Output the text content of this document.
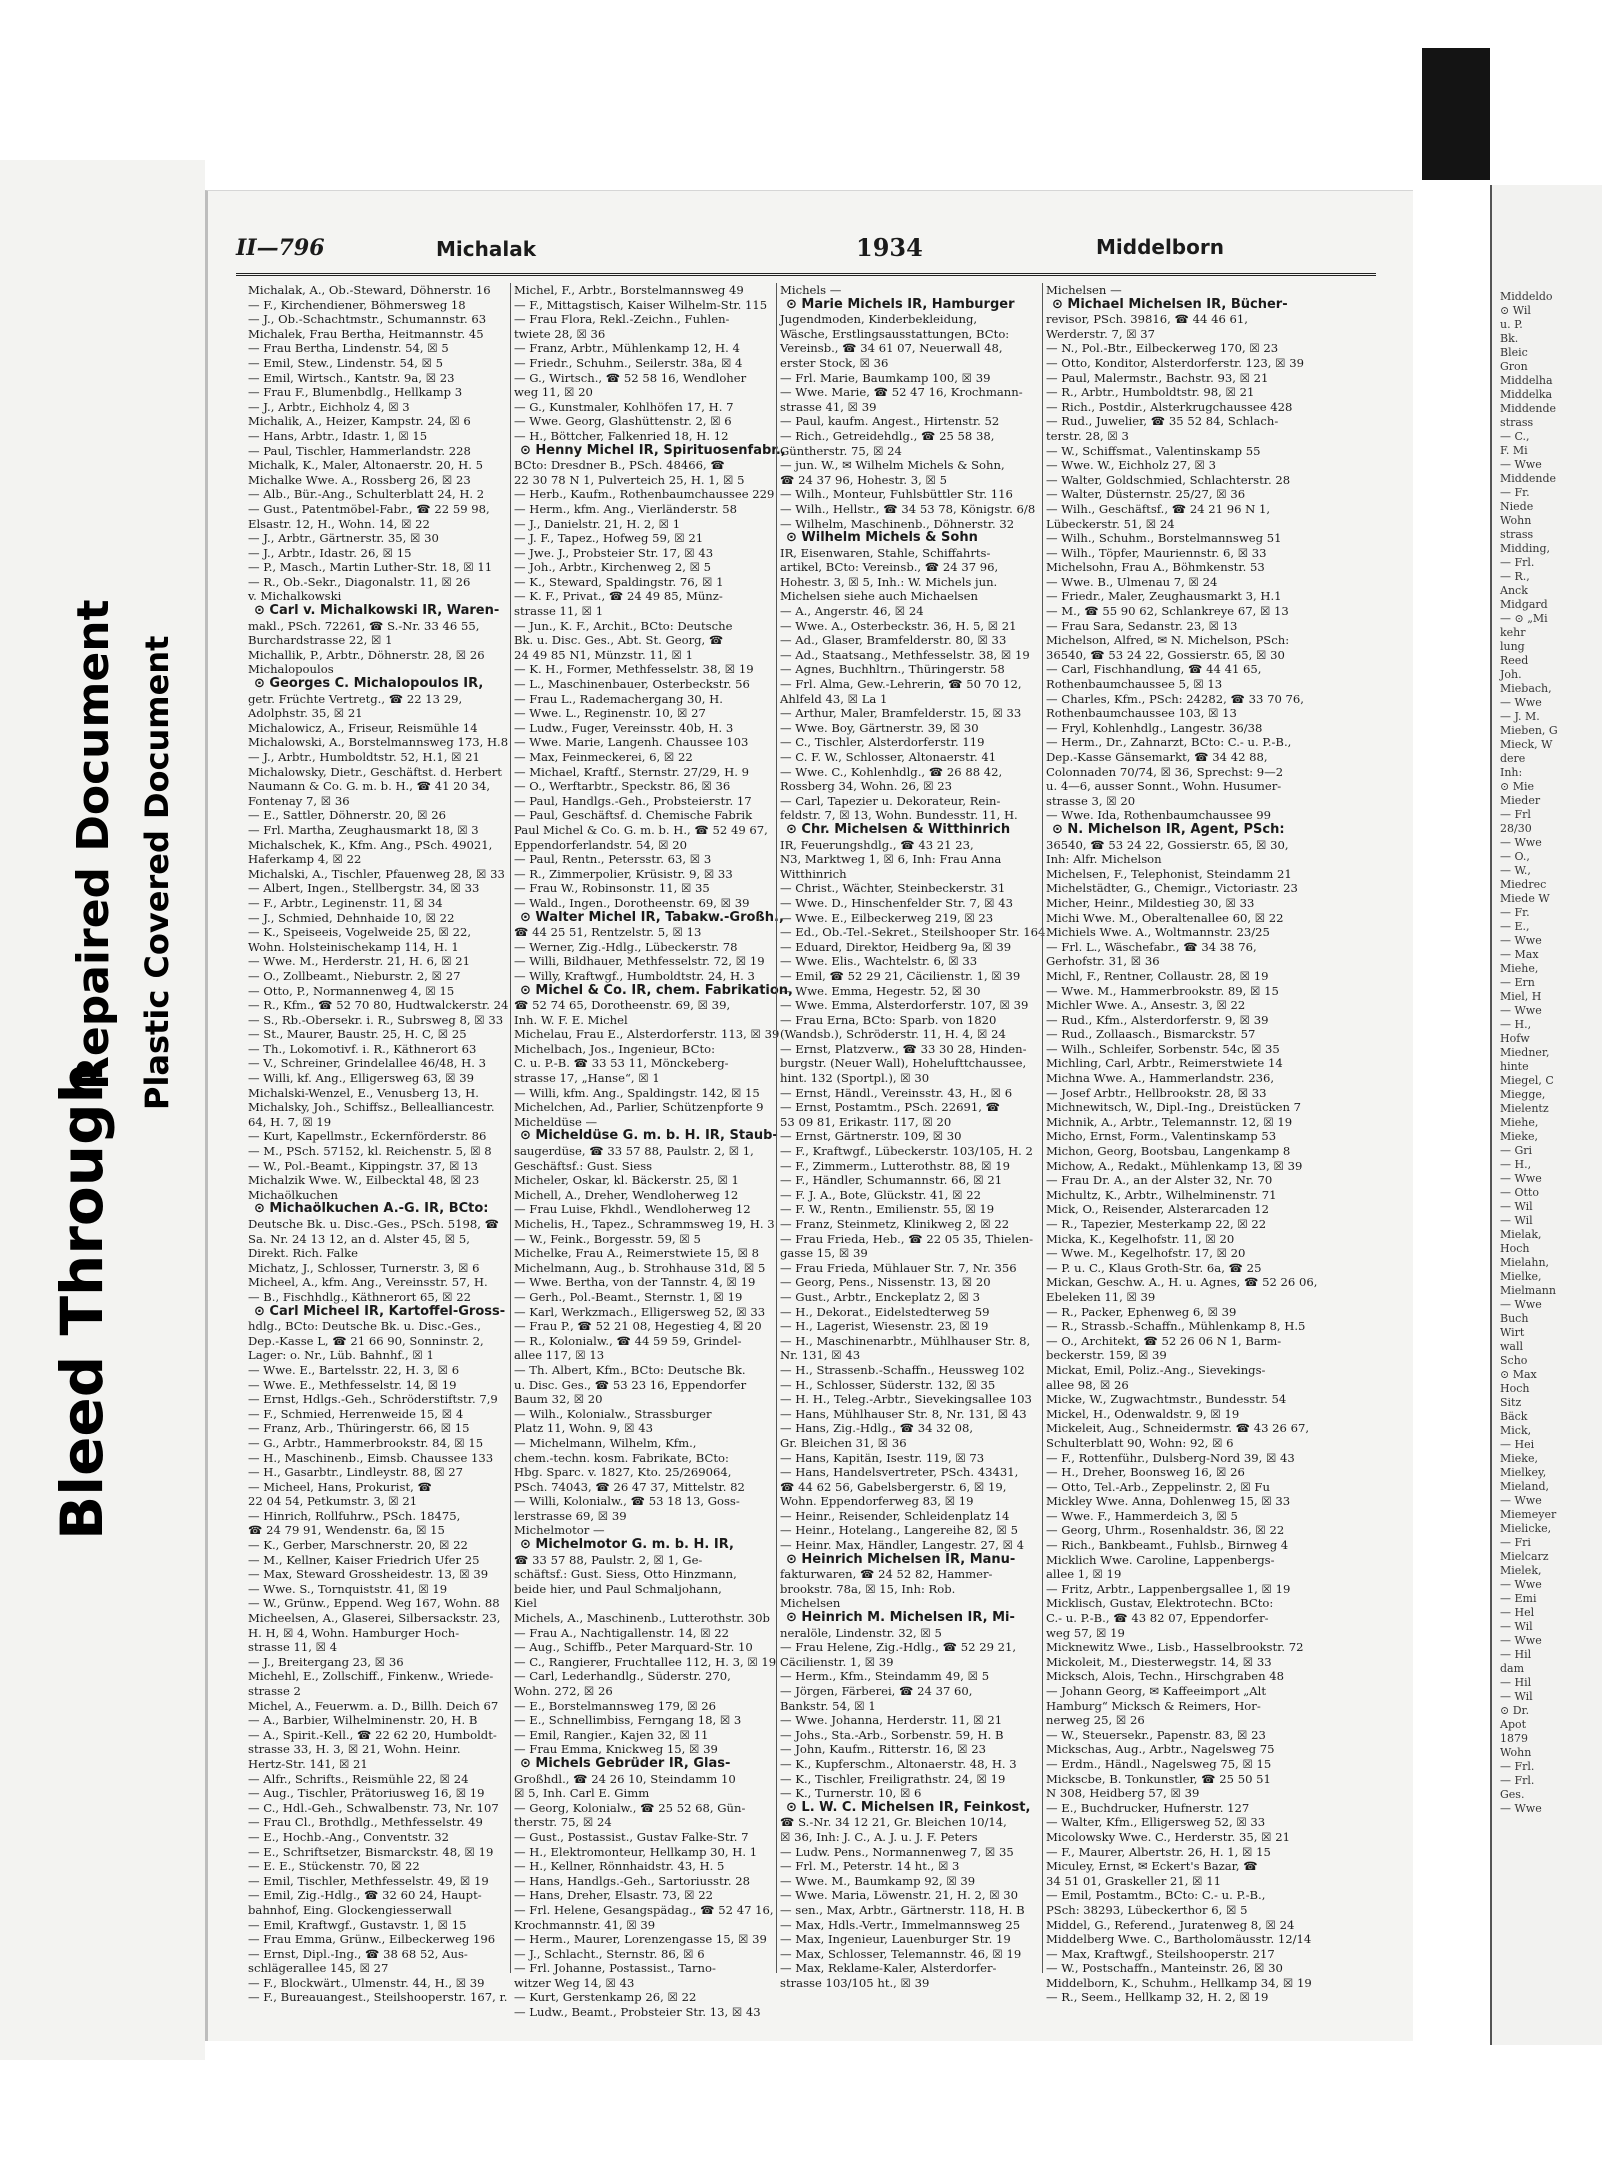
Bleed Through
Repaired Document Plastic Covered Document
II—796	Michalak	1934	Middelborn

Michalak, A., Ob.-Steward, Döhnerstr. 16

— F., Kirchendiener, Böhmersweg 18

— J., Ob.-Schachtmstr., Schumannstr. 63

Michalek, Frau Bertha, Heitmannstr. 45

— Frau Bertha, Lindenstr. 54, ☒ 5

— Emil, Stew., Lindenstr. 54, ☒ 5

— Emil, Wirtsch., Kantstr. 9a, ☒ 23

— Frau F., Blumenbdlg., Hellkamp 3

— J., Arbtr., Eichholz 4, ☒ 3

Michalik, A., Heizer, Kampstr. 24, ☒ 6

— Hans, Arbtr., Idastr. 1, ☒ 15

— Paul, Tischler, Hammerlandstr. 228

Michalk, K., Maler, Altonaerstr. 20, H. 5

Michalke Wwe. A., Rossberg 26, ☒ 23

— Alb., Bür.-Ang., Schulterblatt 24, H. 2

— Gust., Patentmöbel-Fabr., ☎ 22 59 98,

Elsastr. 12, H., Wohn. 14, ☒ 22

— J., Arbtr., Gärtnerstr. 35, ☒ 30

— J., Arbtr., Idastr. 26, ☒ 15

— P., Masch., Martin Luther-Str. 18, ☒ 11

— R., Ob.-Sekr., Diagonalstr. 11, ☒ 26

v. Michalkowski

⊙ Carl v. Michalkowski IR, Waren-

makl., PSch. 72261, ☎ S.-Nr. 33 46 55,

Burchardstrasse 22, ☒ 1

Michallik, P., Arbtr., Döhnerstr. 28, ☒ 26

Michalopoulos

⊙ Georges C. Michalopoulos IR,

getr. Früchte Vertretg., ☎ 22 13 29,

Adolphstr. 35, ☒ 21

Michalowicz, A., Friseur, Reismühle 14

Michalowski, A., Borstelmannsweg 173, H.8

— J., Arbtr., Humboldtstr. 52, H.1, ☒ 21

Michalowsky, Dietr., Geschäftst. d. Herbert

Naumann & Co. G. m. b. H., ☎ 41 20 34,

Fontenay 7, ☒ 36

— E., Sattler, Döhnerstr. 20, ☒ 26

— Frl. Martha, Zeughausmarkt 18, ☒ 3

Michalschek, K., Kfm. Ang., PSch. 49021,

Haferkamp 4, ☒ 22

Michalski, A., Tischler, Pfauenweg 28, ☒ 33

— Albert, Ingen., Stellbergstr. 34, ☒ 33

— F., Arbtr., Leginenstr. 11, ☒ 34

— J., Schmied, Dehnhaide 10, ☒ 22

— K., Speiseeis, Vogelweide 25, ☒ 22,

Wohn. Holsteinischekamp 114, H. 1

— Wwe. M., Herderstr. 21, H. 6, ☒ 21

— O., Zollbeamt., Nieburstr. 2, ☒ 27

— Otto, P., Normannenweg 4, ☒ 15

— R., Kfm., ☎ 52 70 80, Hudtwalckerstr. 24

— S., Rb.-Obersekr. i. R., Subrsweg 8, ☒ 33

— St., Maurer, Baustr. 25, H. C, ☒ 25

— Th., Lokomotivf. i. R., Käthnerort 63

— V., Schreiner, Grindelallee 46/48, H. 3

— Willi, kf. Ang., Elligersweg 63, ☒ 39

Michalski-Wenzel, E., Venusberg 13, H.

Michalsky, Joh., Schiffsz., Bellealliancestr.

64, H. 7, ☒ 19

— Kurt, Kapellmstr., Eckernförderstr. 86

— M., PSch. 57152, kl. Reichenstr. 5, ☒ 8

— W., Pol.-Beamt., Kippingstr. 37, ☒ 13

Michalzik Wwe. W., Eilbecktal 48, ☒ 23

Michaölkuchen

⊙ Michaölkuchen A.-G. IR, BCto:

Deutsche Bk. u. Disc.-Ges., PSch. 5198, ☎

Sa. Nr. 24 13 12, an d. Alster 45, ☒ 5,

Direkt. Rich. Falke

Michatz, J., Schlosser, Turnerstr. 3, ☒ 6

Micheel, A., kfm. Ang., Vereinsstr. 57, H.

— B., Fischhdlg., Käthnerort 65, ☒ 22

⊙ Carl Micheel IR, Kartoffel-Gross-

hdlg., BCto: Deutsche Bk. u. Disc.-Ges.,

Dep.-Kasse L, ☎ 21 66 90, Sonninstr. 2,

Lager: o. Nr., Lüb. Bahnhf., ☒ 1

— Wwe. E., Bartelsstr. 22, H. 3, ☒ 6

— Wwe. E., Methfesselstr. 14, ☒ 19

— Ernst, Hdlgs.-Geh., Schröderstiftstr. 7,9

— F., Schmied, Herrenweide 15, ☒ 4

— Franz, Arb., Thüringerstr. 66, ☒ 15

— G., Arbtr., Hammerbrookstr. 84, ☒ 15

— H., Maschinenb., Eimsb. Chaussee 133

— H., Gasarbtr., Lindleystr. 88, ☒ 27

— Micheel, Hans, Prokurist, ☎

22 04 54, Petkumstr. 3, ☒ 21

— Hinrich, Rollfuhrw., PSch. 18475,

☎ 24 79 91, Wendenstr. 6a, ☒ 15

— K., Gerber, Marschnerstr. 20, ☒ 22

— M., Kellner, Kaiser Friedrich Ufer 25

— Max, Steward Grossheidestr. 13, ☒ 39

— Wwe. S., Tornquiststr. 41, ☒ 19

— W., Grünw., Eppend. Weg 167, Wohn. 88

Micheelsen, A., Glaserei, Silbersackstr. 23,

H. H, ☒ 4, Wohn. Hamburger Hoch-

strasse 11, ☒ 4

— J., Breitergang 23, ☒ 36

Michehl, E., Zollschiff., Finkenw., Wriede-

strasse 2

Michel, A., Feuerwm. a. D., Billh. Deich 67

— A., Barbier, Wilhelminenstr. 20, H. B

— A., Spirit.-Kell., ☎ 22 62 20, Humboldt-

strasse 33, H. 3, ☒ 21, Wohn. Heinr.

Hertz-Str. 141, ☒ 21

— Alfr., Schrifts., Reismühle 22, ☒ 24

— Aug., Tischler, Prätoriusweg 16, ☒ 19

— C., Hdl.-Geh., Schwalbenstr. 73, Nr. 107

— Frau Cl., Brothdlg., Methfesselstr. 49

— E., Hochb.-Ang., Conventstr. 32

— E., Schriftsetzer, Bismarckstr. 48, ☒ 19

— E. E., Stückenstr. 70, ☒ 22

— Emil, Tischler, Methfesselstr. 49, ☒ 19

— Emil, Zig.-Hdlg., ☎ 32 60 24, Haupt-

bahnhof, Eing. Glockengiesserwall

— Emil, Kraftwgf., Gustavstr. 1, ☒ 15

— Frau Emma, Grünw., Eilbeckerweg 196

— Ernst, Dipl.-Ing., ☎ 38 68 52, Aus-

schlägerallee 145, ☒ 27

— F., Blockwärt., Ulmenstr. 44, H., ☒ 39

— F., Bureauangest., Steilshooperstr. 167, r.

Michel, F., Arbtr., Borstelmannsweg 49

— F., Mittagstisch, Kaiser Wilhelm-Str. 115

— Frau Flora, Rekl.-Zeichn., Fuhlen-

twiete 28, ☒ 36

— Franz, Arbtr., Mühlenkamp 12, H. 4

— Friedr., Schuhm., Seilerstr. 38a, ☒ 4

— G., Wirtsch., ☎ 52 58 16, Wendloher

weg 11, ☒ 20

— G., Kunstmaler, Kohlhöfen 17, H. 7

— Wwe. Georg, Glashüttenstr. 2, ☒ 6

— H., Böttcher, Falkenried 18, H. 12

⊙ Henny Michel IR, Spirituosenfabr.,

BCto: Dresdner B., PSch. 48466, ☎

22 30 78 N 1, Pulverteich 25, H. 1, ☒ 5

— Herb., Kaufm., Rothenbaumchaussee 229

— Herm., kfm. Ang., Vierländerstr. 58

— J., Danielstr. 21, H. 2, ☒ 1

— J. F., Tapez., Hofweg 59, ☒ 21

— Jwe. J., Probsteier Str. 17, ☒ 43

— Joh., Arbtr., Kirchenweg 2, ☒ 5

— K., Steward, Spaldingstr. 76, ☒ 1

— K. F., Privat., ☎ 24 49 85, Münz-

strasse 11, ☒ 1

— Jun., K. F., Archit., BCto: Deutsche

Bk. u. Disc. Ges., Abt. St. Georg, ☎

24 49 85 N1, Münzstr. 11, ☒ 1

— K. H., Former, Methfesselstr. 38, ☒ 19

— L., Maschinenbauer, Osterbeckstr. 56

— Frau L., Rademachergang 30, H.

— Wwe. L., Reginenstr. 10, ☒ 27

— Ludw., Fuger, Vereinsstr. 40b, H. 3

— Wwe. Marie, Langenh. Chaussee 103

— Max, Feinmeckerei, 6, ☒ 22

— Michael, Kraftf., Sternstr. 27/29, H. 9

— O., Werftarbtr., Speckstr. 86, ☒ 36

— Paul, Handlgs.-Geh., Probsteierstr. 17

— Paul, Geschäftsf. d. Chemische Fabrik

Paul Michel & Co. G. m. b. H., ☎ 52 49 67,

Eppendorferlandstr. 54, ☒ 20

— Paul, Rentn., Petersstr. 63, ☒ 3

— R., Zimmerpolier, Krüsistr. 9, ☒ 33

— Frau W., Robinsonstr. 11, ☒ 35

— Wald., Ingen., Dorotheenstr. 69, ☒ 39

⊙ Walter Michel IR, Tabakw.-Großh.,

☎ 44 25 51, Rentzelstr. 5, ☒ 13

— Werner, Zig.-Hdlg., Lübeckerstr. 78

— Willi, Bildhauer, Methfesselstr. 72, ☒ 19

— Willy, Kraftwgf., Humboldtstr. 24, H. 3

⊙ Michel & Co. IR, chem. Fabrikation,

☎ 52 74 65, Dorotheenstr. 69, ☒ 39,

Inh. W. F. E. Michel

Michelau, Frau E., Alsterdorferstr. 113, ☒ 39

Michelbach, Jos., Ingenieur, BCto:

C. u. P.-B. ☎ 33 53 11, Mönckeberg-

strasse 17, „Hanse“, ☒ 1

— Willi, kfm. Ang., Spaldingstr. 142, ☒ 15

Michelchen, Ad., Parlier, Schützenpforte 9

Micheldüse —

⊙ Micheldüse G. m. b. H. IR, Staub-

saugerdüse, ☎ 33 57 88, Paulstr. 2, ☒ 1,

Geschäftsf.: Gust. Siess

Micheler, Oskar, kl. Bäckerstr. 25, ☒ 1

Michell, A., Dreher, Wendloherweg 12

— Frau Luise, Fkhdl., Wendloherweg 12

Michelis, H., Tapez., Schrammsweg 19, H. 3

— W., Feink., Borgesstr. 59, ☒ 5

Michelke, Frau A., Reimerstwiete 15, ☒ 8

Michelmann, Aug., b. Strohhause 31d, ☒ 5

— Wwe. Bertha, von der Tannstr. 4, ☒ 19

— Gerh., Pol.-Beamt., Sternstr. 1, ☒ 19

— Karl, Werkzmach., Elligersweg 52, ☒ 33

— Frau P., ☎ 52 21 08, Hegestieg 4, ☒ 20

— R., Kolonialw., ☎ 44 59 59, Grindel-

allee 117, ☒ 13

— Th. Albert, Kfm., BCto: Deutsche Bk.

u. Disc. Ges., ☎ 53 23 16, Eppendorfer

Baum 32, ☒ 20

— Wilh., Kolonialw., Strassburger

Platz 11, Wohn. 9, ☒ 43

— Michelmann, Wilhelm, Kfm.,

chem.-techn. kosm. Fabrikate, BCto:

Hbg. Sparc. v. 1827, Kto. 25/269064,

PSch. 74043, ☎ 26 47 37, Mittelstr. 82

— Willi, Kolonialw., ☎ 53 18 13, Goss-

lerstrasse 69, ☒ 39

Michelmotor —

⊙ Michelmotor G. m. b. H. IR,

☎ 33 57 88, Paulstr. 2, ☒ 1, Ge-

schäftsf.: Gust. Siess, Otto Hinzmann,

beide hier, und Paul Schmaljohann,

Kiel

Michels, A., Maschinenb., Lutterothstr. 30b

— Frau A., Nachtigallenstr. 14, ☒ 22

— Aug., Schiffb., Peter Marquard-Str. 10

— C., Rangierer, Fruchtallee 112, H. 3, ☒ 19

— Carl, Lederhandlg., Süderstr. 270,

Wohn. 272, ☒ 26

— E., Borstelmannsweg 179, ☒ 26

— E., Schnellimbiss, Ferngang 18, ☒ 3

— Emil, Rangier., Kajen 32, ☒ 11

— Frau Emma, Knickweg 15, ☒ 39

⊙ Michels Gebrüder IR, Glas-

Großhdl., ☎ 24 26 10, Steindamm 10

☒ 5, Inh. Carl E. Gimm

— Georg, Kolonialw., ☎ 25 52 68, Gün-

therstr. 75, ☒ 24

— Gust., Postassist., Gustav Falke-Str. 7

— H., Elektromonteur, Hellkamp 30, H. 1

— H., Kellner, Rönnhaidstr. 43, H. 5

— Hans, Handlgs.-Geh., Sartoriusstr. 28

— Hans, Dreher, Elsastr. 73, ☒ 22

— Frl. Helene, Gesangspädag., ☎ 52 47 16,

Krochmannstr. 41, ☒ 39

— Herm., Maurer, Lorenzengasse 15, ☒ 39

— J., Schlacht., Sternstr. 86, ☒ 6

— Frl. Johanne, Postassist., Tarno-

witzer Weg 14, ☒ 43

— Kurt, Gerstenkamp 26, ☒ 22

— Ludw., Beamt., Probsteier Str. 13, ☒ 43

Michels —

⊙ Marie Michels IR, Hamburger

Jugendmoden, Kinderbekleidung,

Wäsche, Erstlingsausstattungen, BCto:

Vereinsb., ☎ 34 61 07, Neuerwall 48,

erster Stock, ☒ 36

— Frl. Marie, Baumkamp 100, ☒ 39

— Wwe. Marie, ☎ 52 47 16, Krochmann-

strasse 41, ☒ 39

— Paul, kaufm. Angest., Hirtenstr. 52

— Rich., Getreidehdlg., ☎ 25 58 38,

Güntherstr. 75, ☒ 24

— jun. W., ✉ Wilhelm Michels & Sohn,

☎ 24 37 96, Hohestr. 3, ☒ 5

— Wilh., Monteur, Fuhlsbüttler Str. 116

— Wilh., Hellstr., ☎ 34 53 78, Königstr. 6/8

— Wilhelm, Maschinenb., Döhnerstr. 32

⊙ Wilhelm Michels & Sohn

IR, Eisenwaren, Stahle, Schiffahrts-

artikel, BCto: Vereinsb., ☎ 24 37 96,

Hohestr. 3, ☒ 5, Inh.: W. Michels jun.

Michelsen siehe auch Michaelsen

— A., Angerstr. 46, ☒ 24

— Wwe. A., Osterbeckstr. 36, H. 5, ☒ 21

— Ad., Glaser, Bramfelderstr. 80, ☒ 33

— Ad., Staatsang., Methfesselstr. 38, ☒ 19

— Agnes, Buchhltrn., Thüringerstr. 58

— Frl. Alma, Gew.-Lehrerin, ☎ 50 70 12,

Ahlfeld 43, ☒ La 1

— Arthur, Maler, Bramfelderstr. 15, ☒ 33

— Wwe. Boy, Gärtnerstr. 39, ☒ 30

— C., Tischler, Alsterdorferstr. 119

— C. F. W., Schlosser, Altonaerstr. 41

— Wwe. C., Kohlenhdlg., ☎ 26 88 42,

Rossberg 34, Wohn. 26, ☒ 23

— Carl, Tapezier u. Dekorateur, Rein-

feldstr. 7, ☒ 13, Wohn. Bundesstr. 11, H.

⊙ Chr. Michelsen & Witthinrich

IR, Feuerungshdlg., ☎ 43 21 23,

N3, Marktweg 1, ☒ 6, Inh: Frau Anna

Witthinrich

— Christ., Wächter, Steinbeckerstr. 31

— Wwe. D., Hinschenfelder Str. 7, ☒ 43

— Wwe. E., Eilbeckerweg 219, ☒ 23

— Ed., Ob.-Tel.-Sekret., Steilshooper Str. 164

— Eduard, Direktor, Heidberg 9a, ☒ 39

— Wwe. Elis., Wachtelstr. 6, ☒ 33

— Emil, ☎ 52 29 21, Cäcilienstr. 1, ☒ 39

— Wwe. Emma, Hegestr. 52, ☒ 30

— Wwe. Emma, Alsterdorferstr. 107, ☒ 39

— Frau Erna, BCto: Sparb. von 1820

(Wandsb.), Schröderstr. 11, H. 4, ☒ 24

— Ernst, Platzverw., ☎ 33 30 28, Hinden-

burgstr. (Neuer Wall), Hohelufttchaussee,

hint. 132 (Sportpl.), ☒ 30

— Ernst, Händl., Vereinsstr. 43, H., ☒ 6

— Ernst, Postamtm., PSch. 22691, ☎

53 09 81, Erikastr. 117, ☒ 20

— Ernst, Gärtnerstr. 109, ☒ 30

— F., Kraftwgf., Lübeckerstr. 103/105, H. 2

— F., Zimmerm., Lutterothstr. 88, ☒ 19

— F., Händler, Schumannstr. 66, ☒ 21

— F. J. A., Bote, Glückstr. 41, ☒ 22

— F. W., Rentn., Emilienstr. 55, ☒ 19

— Franz, Steinmetz, Klinikweg 2, ☒ 22

— Frau Frieda, Heb., ☎ 22 05 35, Thielen-

gasse 15, ☒ 39

— Frau Frieda, Mühlauer Str. 7, Nr. 356

— Georg, Pens., Nissenstr. 13, ☒ 20

— Gust., Arbtr., Enckeplatz 2, ☒ 3

— H., Dekorat., Eidelstedterweg 59

— H., Lagerist, Wiesenstr. 23, ☒ 19

— H., Maschinenarbtr., Mühlhauser Str. 8,

Nr. 131, ☒ 43

— H., Strassenb.-Schaffn., Heussweg 102

— H., Schlosser, Süderstr. 132, ☒ 35

— H. H., Teleg.-Arbtr., Sievekingsallee 103

— Hans, Mühlhauser Str. 8, Nr. 131, ☒ 43

— Hans, Zig.-Hdlg., ☎ 34 32 08,

Gr. Bleichen 31, ☒ 36

— Hans, Kapitän, Isestr. 119, ☒ 73

— Hans, Handelsvertreter, PSch. 43431,

☎ 44 62 56, Gabelsbergerstr. 6, ☒ 19,

Wohn. Eppendorferweg 83, ☒ 19

— Heinr., Reisender, Schleidenplatz 14

— Heinr., Hotelang., Langereihe 82, ☒ 5

— Heinr. Max, Händler, Langestr. 27, ☒ 4

⊙ Heinrich Michelsen IR, Manu-

fakturwaren, ☎ 24 52 82, Hammer-

brookstr. 78a, ☒ 15, Inh: Rob.

Michelsen

⊙ Heinrich M. Michelsen IR, Mi-

neralöle, Lindenstr. 32, ☒ 5

— Frau Helene, Zig.-Hdlg., ☎ 52 29 21,

Cäcilienstr. 1, ☒ 39

— Herm., Kfm., Steindamm 49, ☒ 5

— Jörgen, Färberei, ☎ 24 37 60,

Bankstr. 54, ☒ 1

— Wwe. Johanna, Herderstr. 11, ☒ 21

— Johs., Sta.-Arb., Sorbenstr. 59, H. B

— John, Kaufm., Ritterstr. 16, ☒ 23

— K., Kupferschm., Altonaerstr. 48, H. 3

— K., Tischler, Freiligrathstr. 24, ☒ 19

— K., Turnerstr. 10, ☒ 6

⊙ L. W. C. Michelsen IR, Feinkost,

☎ S.-Nr. 34 12 21, Gr. Bleichen 10/14,

☒ 36, Inh: J. C., A. J. u. J. F. Peters

— Ludw. Pens., Normannenweg 7, ☒ 35

— Frl. M., Peterstr. 14 ht., ☒ 3

— Wwe. M., Baumkamp 92, ☒ 39

— Wwe. Maria, Löwenstr. 21, H. 2, ☒ 30

— sen., Max, Arbtr., Gärtnerstr. 118, H. B

— Max, Hdls.-Vertr., Immelmannsweg 25

— Max, Ingenieur, Lauenburger Str. 19

— Max, Schlosser, Telemannstr. 46, ☒ 19

— Max, Reklame-Kaler, Alsterdorfer-

strasse 103/105 ht., ☒ 39

Michelsen —

⊙ Michael Michelsen IR, Bücher-

revisor, PSch. 39816, ☎ 44 46 61,

Werderstr. 7, ☒ 37

— N., Pol.-Btr., Eilbeckerweg 170, ☒ 23

— Otto, Konditor, Alsterdorferstr. 123, ☒ 39

— Paul, Malermstr., Bachstr. 93, ☒ 21

— R., Arbtr., Humboldtstr. 98, ☒ 21

— Rich., Postdir., Alsterkrugchaussee 428

— Rud., Juwelier, ☎ 35 52 84, Schlach-

terstr. 28, ☒ 3

— W., Schiffsmat., Valentinskamp 55

— Wwe. W., Eichholz 27, ☒ 3

— Walter, Goldschmied, Schlachterstr. 28

— Walter, Düsternstr. 25/27, ☒ 36

— Wilh., Geschäftsf., ☎ 24 21 96 N 1,

Lübeckerstr. 51, ☒ 24

— Wilh., Schuhm., Borstelmannsweg 51

— Wilh., Töpfer, Mauriennstr. 6, ☒ 33

Michelsohn, Frau A., Böhmkenstr. 53

— Wwe. B., Ulmenau 7, ☒ 24

— Friedr., Maler, Zeughausmarkt 3, H.1

— M., ☎ 55 90 62, Schlankreye 67, ☒ 13

— Frau Sara, Sedanstr. 23, ☒ 13

Michelson, Alfred, ✉ N. Michelson, PSch:

36540, ☎ 53 24 22, Gossierstr. 65, ☒ 30

— Carl, Fischhandlung, ☎ 44 41 65,

Rothenbaumchaussee 5, ☒ 13

— Charles, Kfm., PSch: 24282, ☎ 33 70 76,

Rothenbaumchaussee 103, ☒ 13

— Fryl, Kohlenhdlg., Langestr. 36/38

— Herm., Dr., Zahnarzt, BCto: C.- u. P.-B.,

Dep.-Kasse Gänsemarkt, ☎ 34 42 88,

Colonnaden 70/74, ☒ 36, Sprechst: 9—2

u. 4—6, ausser Sonnt., Wohn. Husumer-

strasse 3, ☒ 20

— Wwe. Ida, Rothenbaumchaussee 99

⊙ N. Michelson IR, Agent, PSch:

36540, ☎ 53 24 22, Gossierstr. 65, ☒ 30,

Inh: Alfr. Michelson

Michelsen, F., Telephonist, Steindamm 21

Michelstädter, G., Chemigr., Victoriastr. 23

Micher, Heinr., Mildestieg 30, ☒ 33

Michi Wwe. M., Oberaltenallee 60, ☒ 22

Michiels Wwe. A., Woltmannstr. 23/25

— Frl. L., Wäschefabr., ☎ 34 38 76,

Gerhofstr. 31, ☒ 36

Michl, F., Rentner, Collaustr. 28, ☒ 19

— Wwe. M., Hammerbrookstr. 89, ☒ 15

Michler Wwe. A., Ansestr. 3, ☒ 22

— Rud., Kfm., Alsterdorferstr. 9, ☒ 39

— Rud., Zollaasch., Bismarckstr. 57

— Wilh., Schleifer, Sorbenstr. 54c, ☒ 35

Michling, Carl, Arbtr., Reimerstwiete 14

Michna Wwe. A., Hammerlandstr. 236,

— Josef Arbtr., Hellbrookstr. 28, ☒ 33

Michnewitsch, W., Dipl.-Ing., Dreistücken 7

Michnik, A., Arbtr., Telemannstr. 12, ☒ 19

Micho, Ernst, Form., Valentinskamp 53

Michon, Georg, Bootsbau, Langenkamp 8

Michow, A., Redakt., Mühlenkamp 13, ☒ 39

— Frau Dr. A., an der Alster 32, Nr. 70

Michultz, K., Arbtr., Wilhelminenstr. 71

Mick, O., Reisender, Alsterarcaden 12

— R., Tapezier, Mesterkamp 22, ☒ 22

Micka, K., Kegelhofstr. 11, ☒ 20

— Wwe. M., Kegelhofstr. 17, ☒ 20

— P. u. C., Klaus Groth-Str. 6a, ☎ 25

Mickan, Geschw. A., H. u. Agnes, ☎ 52 26 06,

Ebeleken 11, ☒ 39

— R., Packer, Ephenweg 6, ☒ 39

— R., Strassb.-Schaffn., Mühlenkamp 8, H.5

— O., Architekt, ☎ 52 26 06 N 1, Barm-

beckerstr. 159, ☒ 39

Mickat, Emil, Poliz.-Ang., Sievekings-

allee 98, ☒ 26

Micke, W., Zugwachtmstr., Bundesstr. 54

Mickel, H., Odenwaldstr. 9, ☒ 19

Mickeleit, Aug., Schneidermstr. ☎ 43 26 67,

Schulterblatt 90, Wohn: 92, ☒ 6

— F., Rottenführ., Dulsberg-Nord 39, ☒ 43

— H., Dreher, Boonsweg 16, ☒ 26

— Otto, Tel.-Arb., Zeppelinstr. 2, ☒ Fu

Mickley Wwe. Anna, Dohlenweg 15, ☒ 33

— Wwe. F., Hammerdeich 3, ☒ 5

— Georg, Uhrm., Rosenhaldstr. 36, ☒ 22

— Rich., Bankbeamt., Fuhlsb., Birnweg 4

Micklich Wwe. Caroline, Lappenbergs-

allee 1, ☒ 19

— Fritz, Arbtr., Lappenbergsallee 1, ☒ 19

Micklisch, Gustav, Elektrotechn. BCto:

C.- u. P.-B., ☎ 43 82 07, Eppendorfer-

weg 57, ☒ 19

Micknewitz Wwe., Lisb., Hasselbrookstr. 72

Mickoleit, M., Diesterwegstr. 14, ☒ 33

Micksch, Alois, Techn., Hirschgraben 48

— Johann Georg, ✉ Kaffeeimport „Alt

Hamburg“ Micksch & Reimers, Hor-

nerweg 25, ☒ 26

— W., Steuersekr., Papenstr. 83, ☒ 23

Mickschas, Aug., Arbtr., Nagelsweg 75

— Erdm., Händl., Nagelsweg 75, ☒ 15

Mickscbe, B. Tonkunstler, ☎ 25 50 51

N 308, Heidberg 57, ☒ 39

— E., Buchdrucker, Hufnerstr. 127

— Walter, Kfm., Elligersweg 52, ☒ 33

Micolowsky Wwe. C., Herderstr. 35, ☒ 21

— F., Maurer, Albertstr. 26, H. 1, ☒ 15

Miculey, Ernst, ✉ Eckert's Bazar, ☎

34 51 01, Graskeller 21, ☒ 11

— Emil, Postamtm., BCto: C.- u. P.-B.,

PSch: 38293, Lübeckerthor 6, ☒ 5

Middel, G., Referend., Juratenweg 8, ☒ 24

Middelberg Wwe. C., Bartholomäusstr. 12/14

— Max, Kraftwgf., Steilshooperstr. 217

— W., Postschaffn., Manteinstr. 26, ☒ 30

Middelborn, K., Schuhm., Hellkamp 34, ☒ 19

— R., Seem., Hellkamp 32, H. 2, ☒ 19

Middeldo
⊙ Wil
u. P.
Bk.
Bleic
Gron
Middelha
Middelka
Middende
strass
— C.,
F. Mi
— Wwe
Middende
— Fr.
Niede
Wohn
strass
Midding,
— Frl.
— R.,
Anck
Midgard
— ⊙ „Mi
kehr
lung
Reed
Joh.
Miebach,
— Wwe
— J. M.
Mieben, G
Mieck, W
dere
Inh:
⊙ Mie
Mieder
— Frl
28/30
— Wwe
— O.,
— W.,
Miedrec
Miede W
— Fr.
— E.,
— Wwe
— Max
Miehe,
— Ern
Miel, H
— Wwe
— H.,
Hofw
Miedner,
hinte
Miegel, C
Miegge,
Mielentz
Miehe,
Mieke,
— Gri
— H.,
— Wwe
— Otto
— Wil
— Wil
Mielak,
Hoch
Mielahn,
Mielke,
Mielmann
— Wwe
Buch
Wirt
wall
Scho
⊙ Max
Hoch
Sitz
Bäck
Mick,
— Hei
Mieke,
Mielkey,
Mieland,
— Wwe
Miemeyer
Mielicke,
— Fri
Mielcarz
Mielek,
— Wwe
— Emi
— Hel
— Wil
— Wwe
— Hil
dam
— Hil
— Wil
⊙ Dr.
Apot
1879
Wohn
— Frl.
— Frl.
Ges.
— Wwe
